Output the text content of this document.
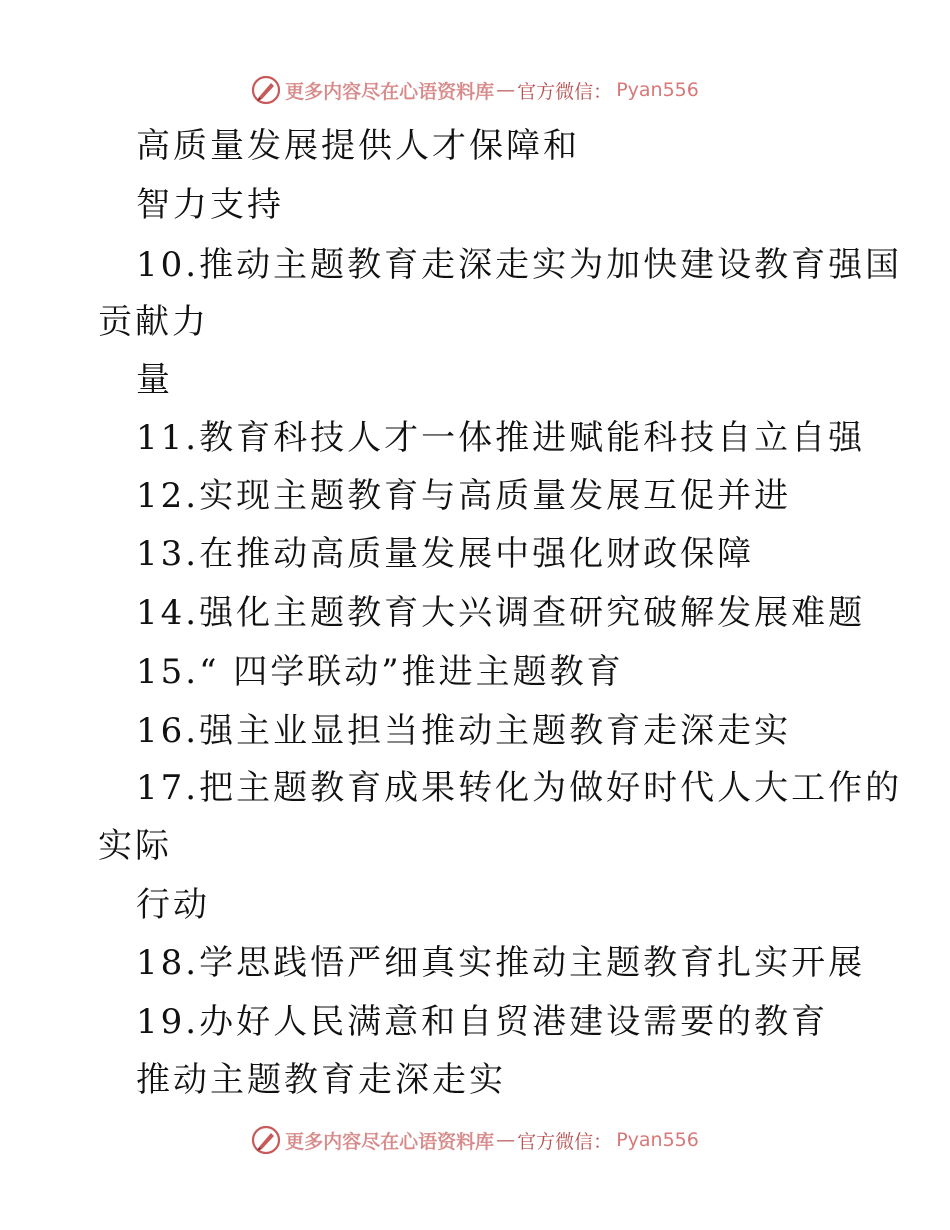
更多内容尽在心语资料库 — 官方微信： Pyan556
高质量发展提供人才保障和
智力支持
10.推动主题教育走深走实为加快建设教育强国
贡献力
量
11.教育科技人才一体推进赋能科技自立自强
12.实现主题教育与高质量发展互促并进
13.在推动高质量发展中强化财政保障
14.强化主题教育大兴调查研究破解发展难题
15.“ 四学联动”推进主题教育
16.强主业显担当推动主题教育走深走实
17.把主题教育成果转化为做好时代人大工作的
实际
行动
18.学思践悟严细真实推动主题教育扎实开展
19.办好人民满意和自贸港建设需要的教育
推动主题教育走深走实
更多内容尽在心语资料库 — 官方微信： Pyan556
